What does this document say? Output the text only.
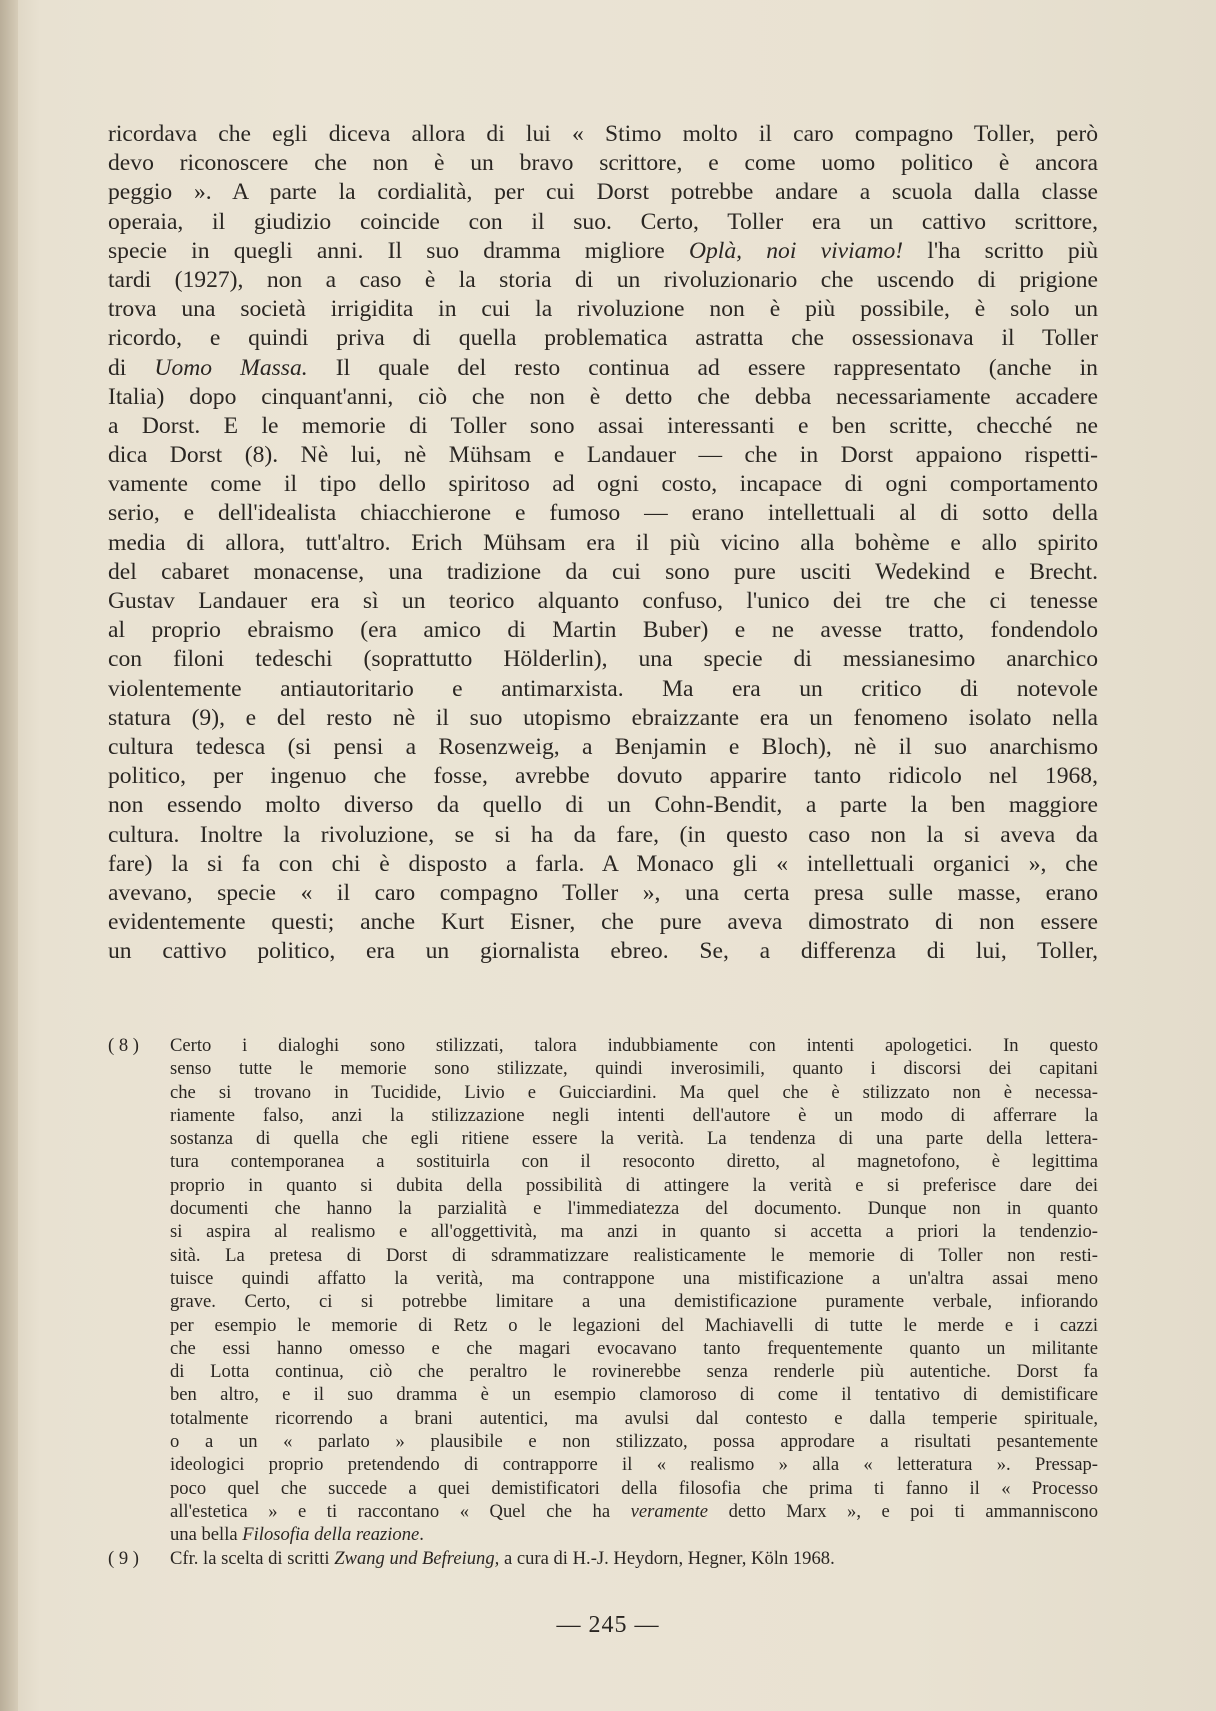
ricordava che egli diceva allora di lui « Stimo molto il caro compagno Toller, però
devo riconoscere che non è un bravo scrittore, e come uomo politico è ancora
peggio ». A parte la cordialità, per cui Dorst potrebbe andare a scuola dalla classe
operaia, il giudizio coincide con il suo. Certo, Toller era un cattivo scrittore,
specie in quegli anni. Il suo dramma migliore Oplà, noi viviamo! l'ha scritto più
tardi (1927), non a caso è la storia di un rivoluzionario che uscendo di prigione
trova una società irrigidita in cui la rivoluzione non è più possibile, è solo un
ricordo, e quindi priva di quella problematica astratta che ossessionava il Toller
di Uomo Massa. Il quale del resto continua ad essere rappresentato (anche in
Italia) dopo cinquant'anni, ciò che non è detto che debba necessariamente accadere
a Dorst. E le memorie di Toller sono assai interessanti e ben scritte, checché ne
dica Dorst (8). Nè lui, nè Mühsam e Landauer — che in Dorst appaiono rispetti-
vamente come il tipo dello spiritoso ad ogni costo, incapace di ogni comportamento
serio, e dell'idealista chiacchierone e fumoso — erano intellettuali al di sotto della
media di allora, tutt'altro. Erich Mühsam era il più vicino alla bohème e allo spirito
del cabaret monacense, una tradizione da cui sono pure usciti Wedekind e Brecht.
Gustav Landauer era sì un teorico alquanto confuso, l'unico dei tre che ci tenesse
al proprio ebraismo (era amico di Martin Buber) e ne avesse tratto, fondendolo
con filoni tedeschi (soprattutto Hölderlin), una specie di messianesimo anarchico
violentemente antiautoritario e antimarxista. Ma era un critico di notevole
statura (9), e del resto nè il suo utopismo ebraizzante era un fenomeno isolato nella
cultura tedesca (si pensi a Rosenzweig, a Benjamin e Bloch), nè il suo anarchismo
politico, per ingenuo che fosse, avrebbe dovuto apparire tanto ridicolo nel 1968,
non essendo molto diverso da quello di un Cohn-Bendit, a parte la ben maggiore
cultura. Inoltre la rivoluzione, se si ha da fare, (in questo caso non la si aveva da
fare) la si fa con chi è disposto a farla. A Monaco gli « intellettuali organici », che
avevano, specie « il caro compagno Toller », una certa presa sulle masse, erano
evidentemente questi; anche Kurt Eisner, che pure aveva dimostrato di non essere
un cattivo politico, era un giornalista ebreo. Se, a differenza di lui, Toller,
( 8 )	Certo i dialoghi sono stilizzati, talora indubbiamente con intenti apologetici. In questo
senso tutte le memorie sono stilizzate, quindi inverosimili, quanto i discorsi dei capitani
che si trovano in Tucidide, Livio e Guicciardini. Ma quel che è stilizzato non è necessa-
riamente falso, anzi la stilizzazione negli intenti dell'autore è un modo di afferrare la
sostanza di quella che egli ritiene essere la verità. La tendenza di una parte della lettera-
tura contemporanea a sostituirla con il resoconto diretto, al magnetofono, è legittima
proprio in quanto si dubita della possibilità di attingere la verità e si preferisce dare dei
documenti che hanno la parzialità e l'immediatezza del documento. Dunque non in quanto
si aspira al realismo e all'oggettività, ma anzi in quanto si accetta a priori la tendenzio-
sità. La pretesa di Dorst di sdrammatizzare realisticamente le memorie di Toller non resti-
tuisce quindi affatto la verità, ma contrappone una mistificazione a un'altra assai meno
grave. Certo, ci si potrebbe limitare a una demistificazione puramente verbale, infiorando
per esempio le memorie di Retz o le legazioni del Machiavelli di tutte le merde e i cazzi
che essi hanno omesso e che magari evocavano tanto frequentemente quanto un militante
di Lotta continua, ciò che peraltro le rovinerebbe senza renderle più autentiche. Dorst fa
ben altro, e il suo dramma è un esempio clamoroso di come il tentativo di demistificare
totalmente ricorrendo a brani autentici, ma avulsi dal contesto e dalla temperie spirituale,
o a un « parlato » plausibile e non stilizzato, possa approdare a risultati pesantemente
ideologici proprio pretendendo di contrapporre il « realismo » alla « letteratura ». Pressap-
poco quel che succede a quei demistificatori della filosofia che prima ti fanno il « Processo
all'estetica » e ti raccontano « Quel che ha veramente detto Marx », e poi ti ammanniscono
una bella Filosofia della reazione.
( 9 )	Cfr. la scelta di scritti Zwang und Befreiung, a cura di H.-J. Heydorn, Hegner, Köln 1968.
— 245 —
